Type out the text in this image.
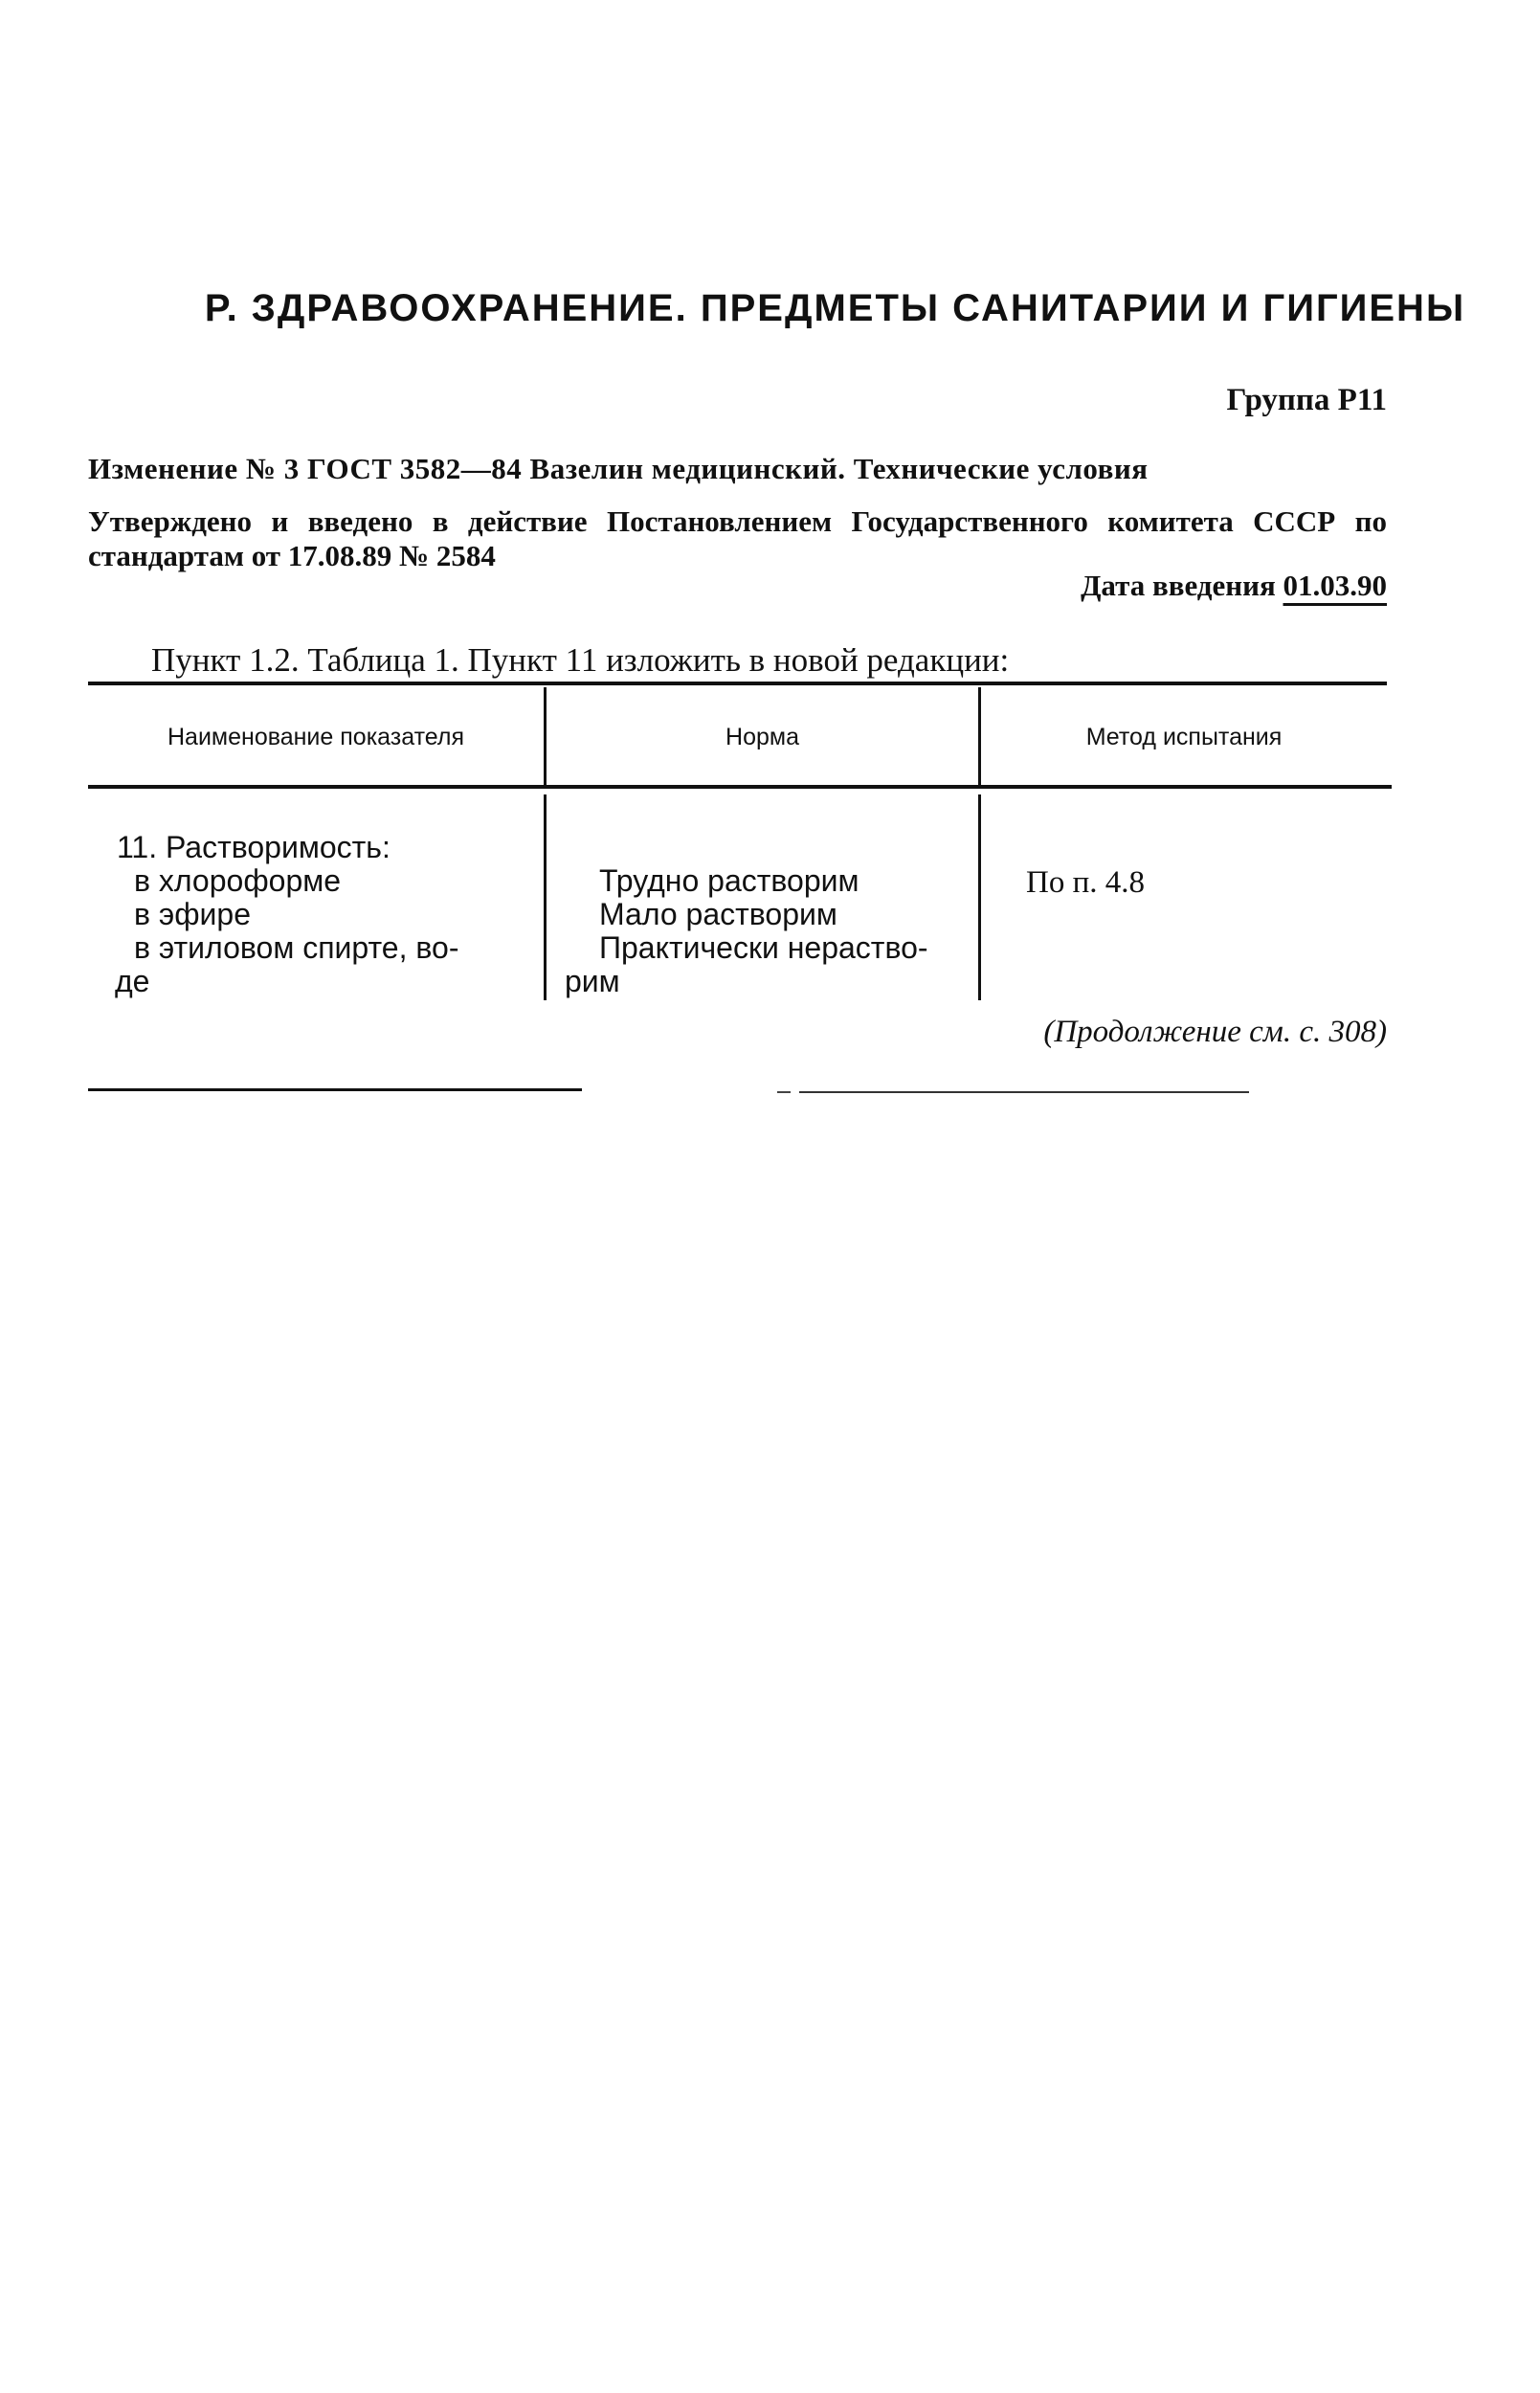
Р. ЗДРАВООХРАНЕНИЕ. ПРЕДМЕТЫ САНИТАРИИ И ГИГИЕНЫ
Группа Р11
Изменение № 3 ГОСТ 3582—84 Вазелин медицинский. Технические условия
Утверждено и введено в действие Постановлением Государственного комитета СССР по стандартам от 17.08.89 № 2584
Дата введения 01.03.90
Пункт 1.2. Таблица 1. Пункт 11 изложить в новой редакции:
Наименование показателя	Норма	Метод испытания
11. Растворимость:
в хлороформе
в эфире
в этиловом спирте, во-
де
Трудно растворим
Мало растворим
Практически нераство-
рим
По п. 4.8
(Продолжение см. с. 308)
